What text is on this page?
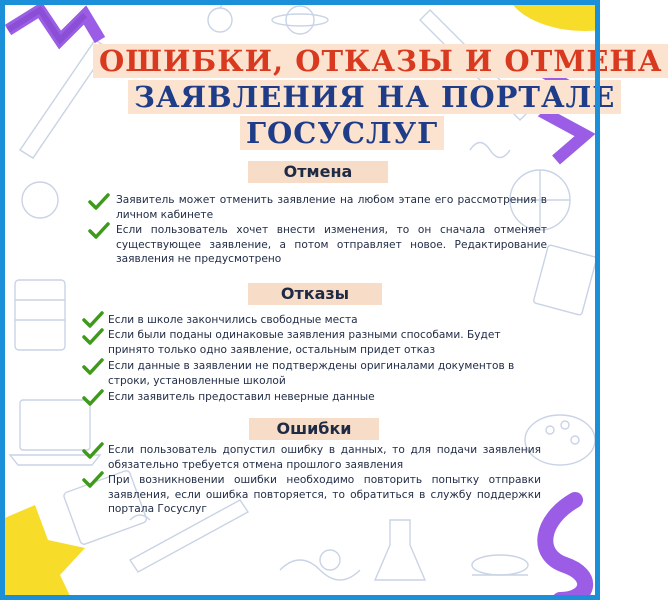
ОШИБКИ, ОТКАЗЫ И ОТМЕНА
ЗАЯВЛЕНИЯ НА ПОРТАЛЕ
ГОСУСЛУГ
Отмена
Заявитель может отменить заявление на любом этапе его рассмотрения в личном кабинете
Если пользователь хочет внести изменения, то он сначала отменяет существующее заявление, а потом отправляет новое. Редактирование заявления не предусмотрено
Отказы
Если в школе закончились свободные места
Если были поданы одинаковые заявления разными способами. Будет принято только одно заявление, остальным придет отказ
Если данные в заявлении не подтверждены оригиналами документов в строки, установленные школой
Если заявитель предоставил неверные данные
Ошибки
Если пользователь допустил ошибку в данных, то для подачи заявления обязательно требуется отмена прошлого заявления
При возникновении ошибки необходимо повторить попытку отправки заявления, если ошибка повторяется, то обратиться в службу поддержки портала Госуслуг
